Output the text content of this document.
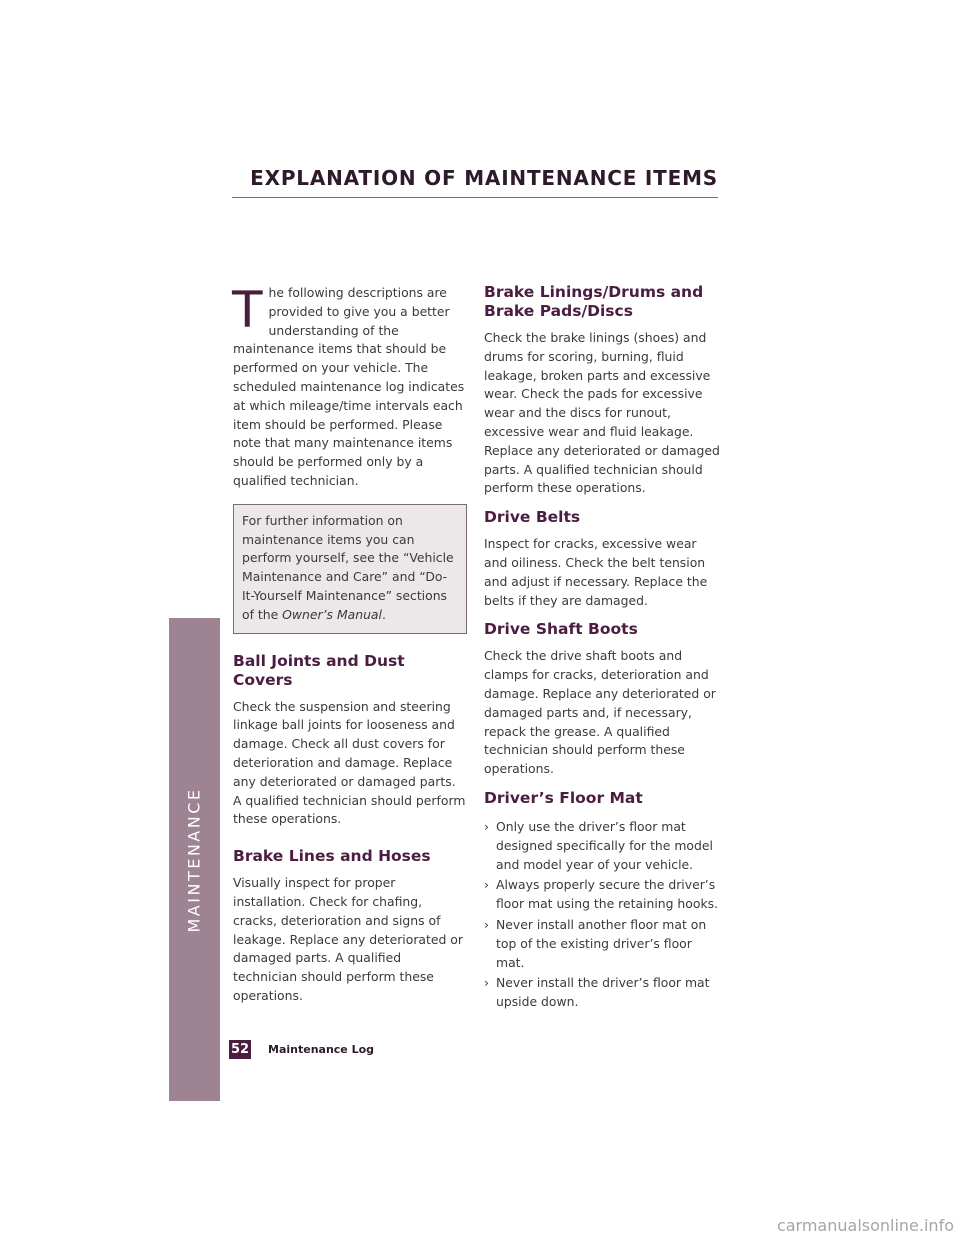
MAINTENANCE
EXPLANATION OF MAINTENANCE ITEMS

The following descriptions are provided to give you a better understanding of the maintenance items that should be performed on your vehicle. The scheduled maintenance log indicates at which mileage/time intervals each item should be performed. Please note that many maintenance items should be performed only by a qualified technician.

For further information on maintenance items you can perform yourself, see the “Vehicle Maintenance and Care” and “Do-It-Yourself Maintenance” sections of the Owner’s Manual.
Ball Joints and Dust Covers

Check the suspension and steering linkage ball joints for looseness and damage. Check all dust covers for deterioration and damage. Replace any deteriorated or damaged parts. A qualified technician should perform these operations.

Brake Lines and Hoses

Visually inspect for proper installation. Check for chafing, cracks, deterioration and signs of leakage. Replace any deteriorated or damaged parts. A qualified technician should perform these operations.

Brake Linings/Drums and Brake Pads/Discs

Check the brake linings (shoes) and drums for scoring, burning, fluid leakage, broken parts and excessive wear. Check the pads for excessive wear and the discs for runout, excessive wear and fluid leakage. Replace any deteriorated or damaged parts. A qualified technician should perform these operations.

Drive Belts

Inspect for cracks, excessive wear and oiliness. Check the belt tension and adjust if necessary. Replace the belts if they are damaged.

Drive Shaft Boots

Check the drive shaft boots and clamps for cracks, deterioration and damage. Replace any deteriorated or damaged parts and, if necessary, repack the grease. A qualified technician should perform these operations.

Driver’s Floor Mat
› Only use the driver’s floor mat designed specifically for the model and model year of your vehicle.
› Always properly secure the driver’s floor mat using the retaining hooks.
› Never install another floor mat on top of the existing driver’s floor mat.
› Never install the driver’s floor mat upside down.
52 Maintenance Log
carmanualsonline.info
